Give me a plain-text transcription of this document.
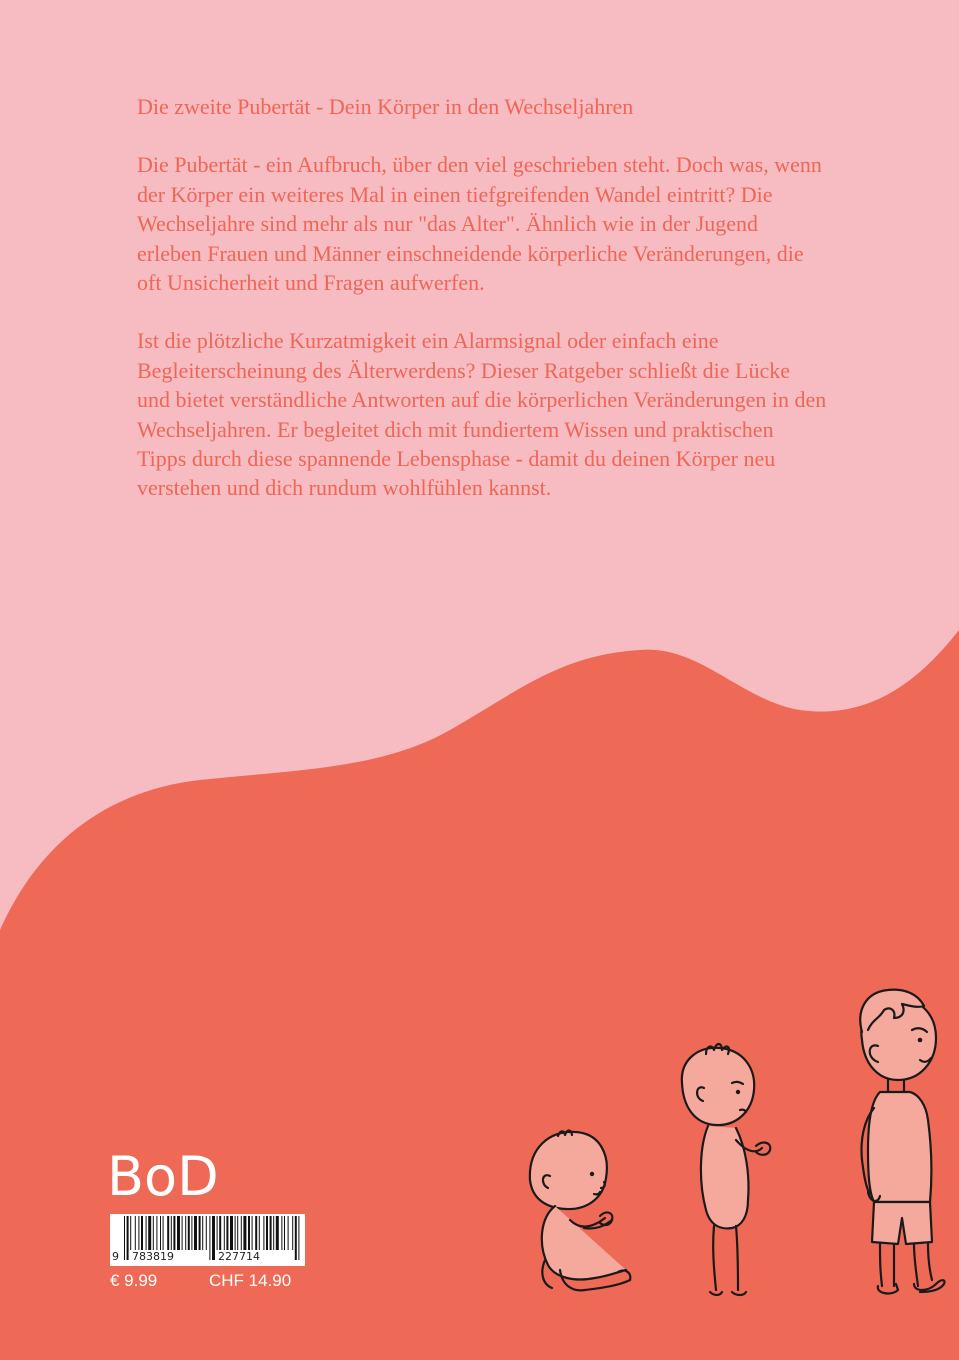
Die zweite Pubertät - Dein Körper in den Wechseljahren

Die Pubertät - ein Aufbruch, über den viel geschrieben steht. Doch was, wenn der Körper ein weiteres Mal in einen tiefgreifenden Wandel eintritt? Die Wechseljahre sind mehr als nur "das Alter". Ähnlich wie in der Jugend erleben Frauen und Männer einschneidende körperliche Veränderungen, die oft Unsicherheit und Fragen aufwerfen.

Ist die plötzliche Kurzatmigkeit ein Alarmsignal oder einfach eine Begleiterscheinung des Älterwerdens? Dieser Ratgeber schließt die Lücke und bietet verständliche Antworten auf die körperlichen Veränderungen in den Wechseljahren. Er begleitet dich mit fundiertem Wissen und praktischen Tipps durch diese spannende Lebensphase - damit du deinen Körper neu verstehen und dich rundum wohlfühlen kannst.

BoD
9 783819	227714
€ 9.99	CHF 14.90
